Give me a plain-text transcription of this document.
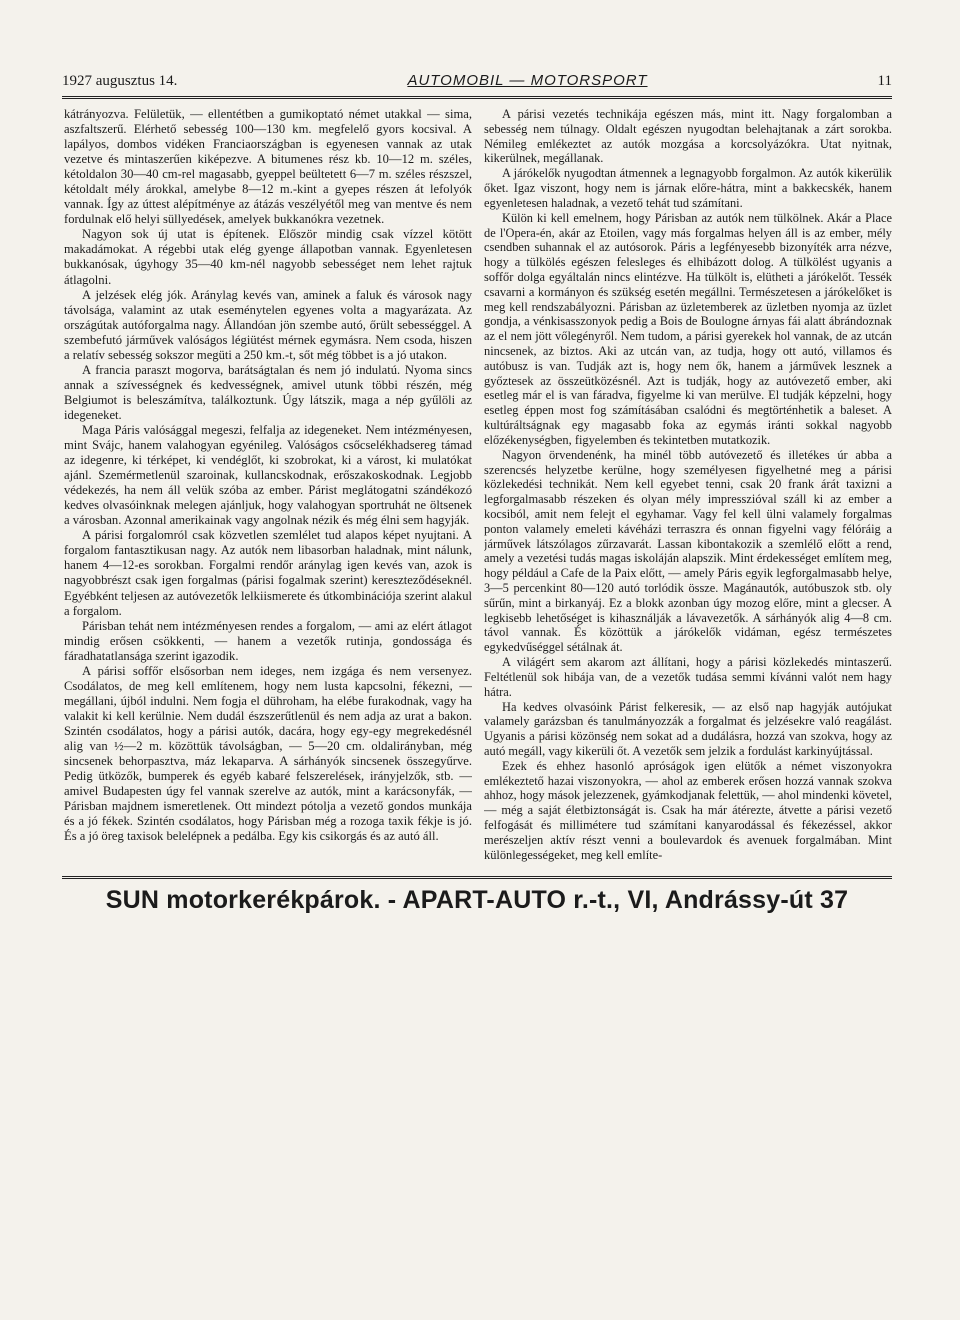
1927 augusztus 14.	AUTOMOBIL — MOTORSPORT	11

kátrányozva. Felületük, — ellentétben a gumikoptató német utakkal — sima, aszfaltszerű. Elérhető sebesség 100—130 km. megfelelő gyors kocsival. A lapályos, dombos vidéken Franciaországban is egyenesen vannak az utak vezetve és mintaszerűen kiképezve. A bitumenes rész kb. 10—12 m. széles, kétoldalon 30—40 cm-rel magasabb, gyeppel beültetett 6—7 m. széles részszel, kétoldalt mély árokkal, amelybe 8—12 m.-kint a gyepes részen át lefolyók vannak. Így az úttest alépítménye az átázás veszélyétől meg van mentve és nem fordulnak elő helyi süllyedések, amelyek bukkanókra vezetnek.

Nagyon sok új utat is építenek. Először mindig csak vízzel kötött makadámokat. A régebbi utak elég gyenge állapotban vannak. Egyenletesen bukkanósak, úgyhogy 35—40 km-nél nagyobb sebességet nem lehet rajtuk átlagolni.

A jelzések elég jók. Aránylag kevés van, aminek a faluk és városok nagy távolsága, valamint az utak eseménytelen egyenes volta a magyarázata. Az országútak autóforgalma nagy. Állandóan jön szembe autó, őrült sebességgel. A szembefutó járművek valóságos légiütést mérnek egymásra. Nem csoda, hiszen a relatív sebesség sokszor megüti a 250 km.-t, sőt még többet is a jó utakon.

A francia paraszt mogorva, barátságtalan és nem jó indulatú. Nyoma sincs annak a szívességnek és kedvességnek, amivel utunk többi részén, még Belgiumot is beleszámítva, találkoztunk. Úgy látszik, maga a nép gyűlöli az idegeneket.

Maga Páris valósággal megeszi, felfalja az idegeneket. Nem intézményesen, mint Svájc, hanem valahogyan egyénileg. Valóságos csőcselékhadsereg támad az idegenre, ki térképet, ki vendéglőt, ki szobrokat, ki a várost, ki mulatókat ajánl. Szemérmetlenül szaroinak, kullancskodnak, erőszakoskodnak. Legjobb védekezés, ha nem áll velük szóba az ember. Párist meglátogatni szándékozó kedves olvasóinknak melegen ajánljuk, hogy valahogyan sportruhát ne öltsenek a városban. Azonnal amerikainak vagy angolnak nézik és még élni sem hagyják.

A párisi forgalomról csak közvetlen szemlélet tud alapos képet nyujtani. A forgalom fantasztikusan nagy. Az autók nem libasorban haladnak, mint nálunk, hanem 4—12-es sorokban. Forgalmi rendőr aránylag igen kevés van, azok is nagyobbrészt csak igen forgalmas (párisi fogalmak szerint) kereszteződéseknél. Egyébként teljesen az autóvezetők lelkiismerete és útkombinációja szerint alakul a forgalom.

Párisban tehát nem intézményesen rendes a forgalom, — ami az elért átlagot mindig erősen csökkenti, — hanem a vezetők rutinja, gondossága és fáradhatatlansága szerint igazodik.

A párisi soffőr elsősorban nem ideges, nem izgága és nem versenyez. Csodálatos, de meg kell említenem, hogy nem lusta kapcsolni, fékezni, — megállani, újból indulni. Nem fogja el dühroham, ha elébe furakodnak, vagy ha valakit ki kell kerülnie. Nem dudál észszerűtlenül és nem adja az urat a bakon. Szintén csodálatos, hogy a párisi autók, dacára, hogy egy-egy megrekedésnél alig van ½—2 m. közöttük távolságban, — 5—20 cm. oldalirányban, még sincsenek behorpasztva, máz lekaparva. A sárhányók sincsenek összegyűrve. Pedig ütközők, bumperek és egyéb kabaré felszerelések, irányjelzők, stb. — amivel Budapesten úgy fel vannak szerelve az autók, mint a karácsonyfák, — Párisban majdnem ismeretlenek. Ott mindezt pótolja a vezető gondos munkája és a jó fékek. Szintén csodálatos, hogy Párisban még a rozoga taxik fékje is jó. És a jó öreg taxisok belelépnek a pedálba. Egy kis csikorgás és az autó áll.

A párisi vezetés technikája egészen más, mint itt. Nagy forgalomban a sebesség nem túlnagy. Oldalt egészen nyugodtan belehajtanak a zárt sorokba. Némileg emlékeztet az autók mozgása a korcsolyázókra. Utat nyitnak, kikerülnek, megállanak.

A járókelők nyugodtan átmennek a legnagyobb forgalmon. Az autók kikerülik őket. Igaz viszont, hogy nem is járnak előre-hátra, mint a bakkecskék, hanem egyenletesen haladnak, a vezető tehát tud számítani.

Külön ki kell emelnem, hogy Párisban az autók nem tülkölnek. Akár a Place de l'Opera-én, akár az Etoilen, vagy más forgalmas helyen áll is az ember, mély csendben suhannak el az autósorok. Páris a legfényesebb bizonyíték arra nézve, hogy a tülkölés egészen felesleges és elhibázott dolog. A tülkölést ugyanis a soffőr dolga egyáltalán nincs elintézve. Ha tülkölt is, elütheti a járókelőt. Tessék csavarni a kormányon és szükség esetén megállni. Természetesen a járókelőket is meg kell rendszabályozni. Párisban az üzletemberek az üzletben nyomja az üzlet gondja, a vénkisasszonyok pedig a Bois de Boulogne árnyas fái alatt ábrándoznak az el nem jött vőlegényről. Nem tudom, a párisi gyerekek hol vannak, de az utcán nincsenek, az biztos. Aki az utcán van, az tudja, hogy ott autó, villamos és autóbusz is van. Tudják azt is, hogy nem ők, hanem a járművek lesznek a győztesek az összeütközésnél. Azt is tudják, hogy az autóvezető ember, aki esetleg már el is van fáradva, figyelme ki van merülve. El tudják képzelni, hogy esetleg éppen most fog számításában csalódni és megtörténhetik a baleset. A kultúráltságnak egy magasabb foka az egymás iránti sokkal nagyobb előzékenységben, figyelemben és tekintetben mutatkozik.

Nagyon örvendenénk, ha minél több autóvezető és illetékes úr abba a szerencsés helyzetbe kerülne, hogy személyesen figyelhetné meg a párisi közlekedési technikát. Nem kell egyebet tenni, csak 20 frank árát taxizni a legforgalmasabb részeken és olyan mély impresszióval száll ki az ember a kocsiból, amit nem felejt el egyhamar. Vagy fel kell ülni valamely forgalmas ponton valamely emeleti kávéházi terraszra és onnan figyelni vagy félóráig a járművek látszólagos zűrzavarát. Lassan kibontakozik a szemlélő előtt a rend, amely a vezetési tudás magas iskoláján alapszik. Mint érdekességet említem meg, hogy például a Cafe de la Paix előtt, — amely Páris egyik legforgalmasabb helye, 3—5 percenkint 80—120 autó torlódik össze. Magánautók, autóbuszok stb. oly sűrűn, mint a birkanyáj. Ez a blokk azonban úgy mozog előre, mint a glecser. A legkisebb lehetőséget is kihasználják a lávavezetők. A sárhányók alig 4—8 cm. távol vannak. És közöttük a járókelők vidáman, egész természetes egykedvűséggel sétálnak át.

A világért sem akarom azt állítani, hogy a párisi közlekedés mintaszerű. Feltétlenül sok hibája van, de a vezetők tudása semmi kívánni valót nem hagy hátra.

Ha kedves olvasóink Párist felkeresik, — az első nap hagyják autójukat valamely garázsban és tanulmányozzák a forgalmat és jelzésekre való reagálást. Ugyanis a párisi közönség nem sokat ad a dudálásra, hozzá van szokva, hogy az autó megáll, vagy kikerüli őt. A vezetők sem jelzik a fordulást karkinyújtással.

Ezek és ehhez hasonló apróságok igen elütők a német viszonyokra emlékeztető hazai viszonyokra, — ahol az emberek erősen hozzá vannak szokva ahhoz, hogy mások jelezzenek, gyámkodjanak felettük, — ahol mindenki követel, — még a saját életbiztonságát is. Csak ha már átérezte, átvette a párisi vezető felfogását és millimétere tud számítani kanyarodással és fékezéssel, akkor merészeljen aktív részt venni a boulevardok és avenuek forgalmában. Mint különlegességeket, meg kell említe-

SUN motorkerékpárok. - APART-AUTO r.-t., VI, Andrássy-út 37
